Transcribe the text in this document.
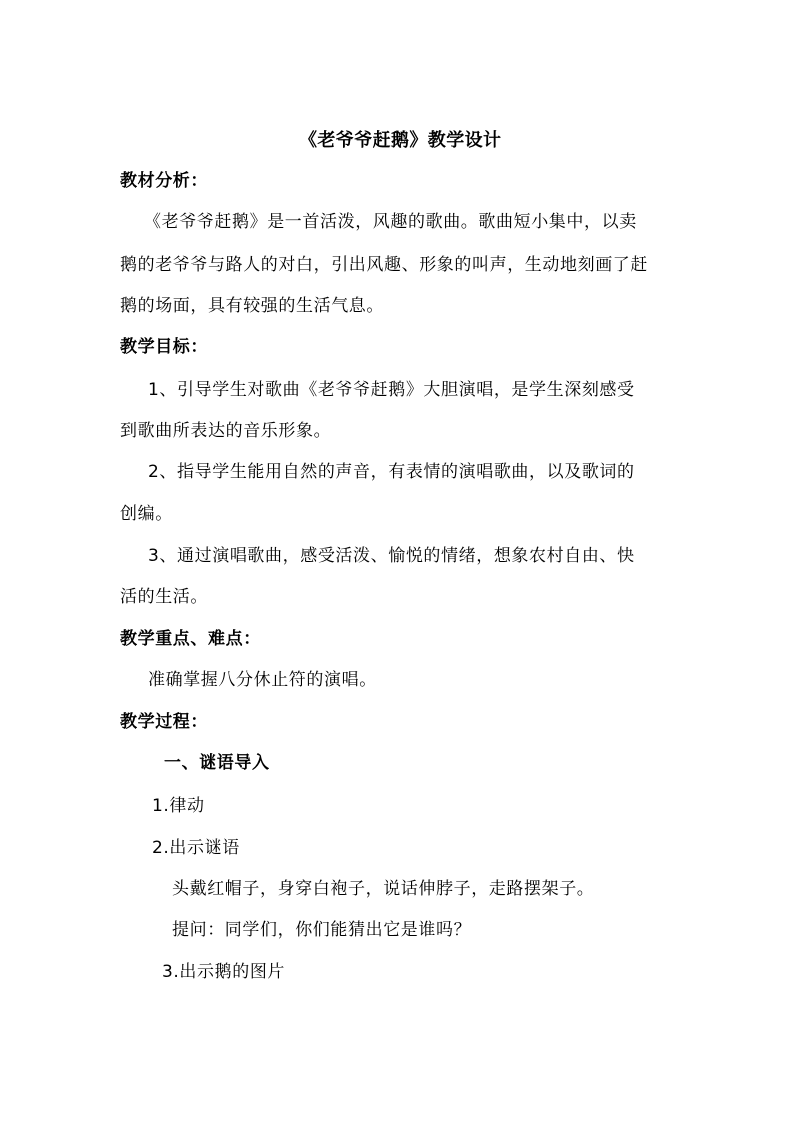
《老爷爷赶鹅》教学设计
教材分析：
《老爷爷赶鹅》是一首活泼，风趣的歌曲。歌曲短小集中，以卖
鹅的老爷爷与路人的对白，引出风趣、形象的叫声，生动地刻画了赶
鹅的场面，具有较强的生活气息。
教学目标：
1、引导学生对歌曲《老爷爷赶鹅》大胆演唱，是学生深刻感受
到歌曲所表达的音乐形象。
2、指导学生能用自然的声音，有表情的演唱歌曲，以及歌词的
创编。
3、通过演唱歌曲，感受活泼、愉悦的情绪，想象农村自由、快
活的生活。
教学重点、难点：
准确掌握八分休止符的演唱。
教学过程：
一、谜语导入
1.律动
2.出示谜语
头戴红帽子，身穿白袍子，说话伸脖子，走路摆架子。
提问：同学们，你们能猜出它是谁吗？
3.出示鹅的图片
